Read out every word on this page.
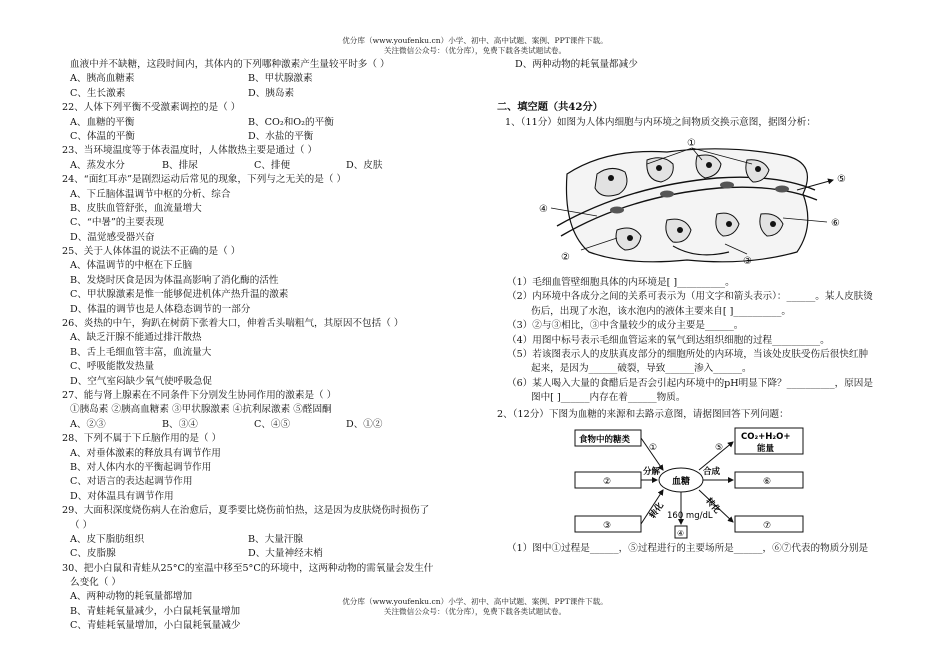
优分库（www.youfenku.cn）小学、初中、高中试题、案例、PPT课件下载。
关注微信公众号：（优分库），免费下载各类试题试卷。

血液中并不缺糖，这段时间内，其体内的下列哪种激素产生量较平时多（ ）

A、胰高血糖素	B、甲状腺激素
C、生长激素	D、胰岛素

22、人体下列平衡不受激素调控的是（ ）

A、血糖的平衡	B、CO₂和O₂的平衡
C、体温的平衡	D、水盐的平衡

23、当环境温度等于体表温度时，人体散热主要是通过（ ）

A、蒸发水分	B、排尿	C、排便	D、皮肤

24、“面红耳赤”是剧烈运动后常见的现象，下列与之无关的是（ ）

A、下丘脑体温调节中枢的分析、综合
B、皮肤血管舒张，血流量增大
C、“中暑”的主要表现
D、温觉感受器兴奋

25、关于人体体温的说法不正确的是（ ）

A、体温调节的中枢在下丘脑
B、发烧时厌食是因为体温高影响了消化酶的活性
C、甲状腺激素是惟一能够促进机体产热升温的激素
D、体温的调节也是人体稳态调节的一部分

26、炎热的中午，狗趴在树荫下张着大口，伸着舌头喘粗气，其原因不包括（ ）

A、缺乏汗腺不能通过排汗散热
B、舌上毛细血管丰富，血流量大
C、呼吸能散发热量
D、空气室闷缺少氧气使呼吸急促

27、能与肾上腺素在不同条件下分别发生协同作用的激素是（ ）

①胰岛素 ②胰高血糖素 ③甲状腺激素 ④抗利尿激素 ⑤醛固酮
A、②③	B、③④	C、④⑤	D、①②

28、下列不属于下丘脑作用的是（ ）

A、对垂体激素的释放具有调节作用
B、对人体内水的平衡起调节作用
C、对语言的表达起调节作用
D、对体温具有调节作用

29、大面积深度烧伤病人在治愈后，夏季要比烧伤前怕热，这是因为皮肤烧伤时损伤了

（ ）
A、皮下脂肪组织	B、大量汗腺
C、皮脂腺	D、大量神经末梢

30、把小白鼠和青蛙从25°C的室温中移至5°C的环境中，这两种动物的需氧量会发生什

么变化（ ）
A、两种动物的耗氧量都增加
B、青蛙耗氧量减少，小白鼠耗氧量增加
C、青蛙耗氧量增加，小白鼠耗氧量减少
D、两种动物的耗氧量都减少
二、填空题（共42分）
1、（11分）如图为人体内细胞与内环境之间物质交换示意图，据图分析：
①
②	③
④
⑤
⑥
（1）毛细血管壁细胞具体的内环境是[ ]__________。
（2）内环境中各成分之间的关系可表示为（用文字和箭头表示）：______。某人皮肤烫
伤后，出现了水泡，该水泡内的液体主要来自[ ]__________。
（3）②与③相比，③中含量较少的成分主要是______。
（4）用图中标号表示毛细血管运来的氧气到达组织细胞的过程__________。
（5）若该图表示人的皮肤真皮部分的细胞所处的内环境，当该处皮肤受伤后很快红肿
起来，是因为______破裂，导致______渗入______。
（6）某人喝入大量的食醋后是否会引起内环境中的pH明显下降？__________，原因是
图中[ ]______内存在着______物质。
2、（12分）下图为血糖的来源和去路示意图，请据图回答下列问题：
食物中的糖类	CO₂+H₂O+
能量
血糖
分解	合成
转化	转化
160 mg/dL
①
②
③
④
⑤
⑥
⑦
（1）图中①过程是______，⑤过程进行的主要场所是______，⑥⑦代表的物质分别是
优分库（www.youfenku.cn）小学、初中、高中试题、案例、PPT课件下载。
关注微信公众号：（优分库），免费下载各类试题试卷。
